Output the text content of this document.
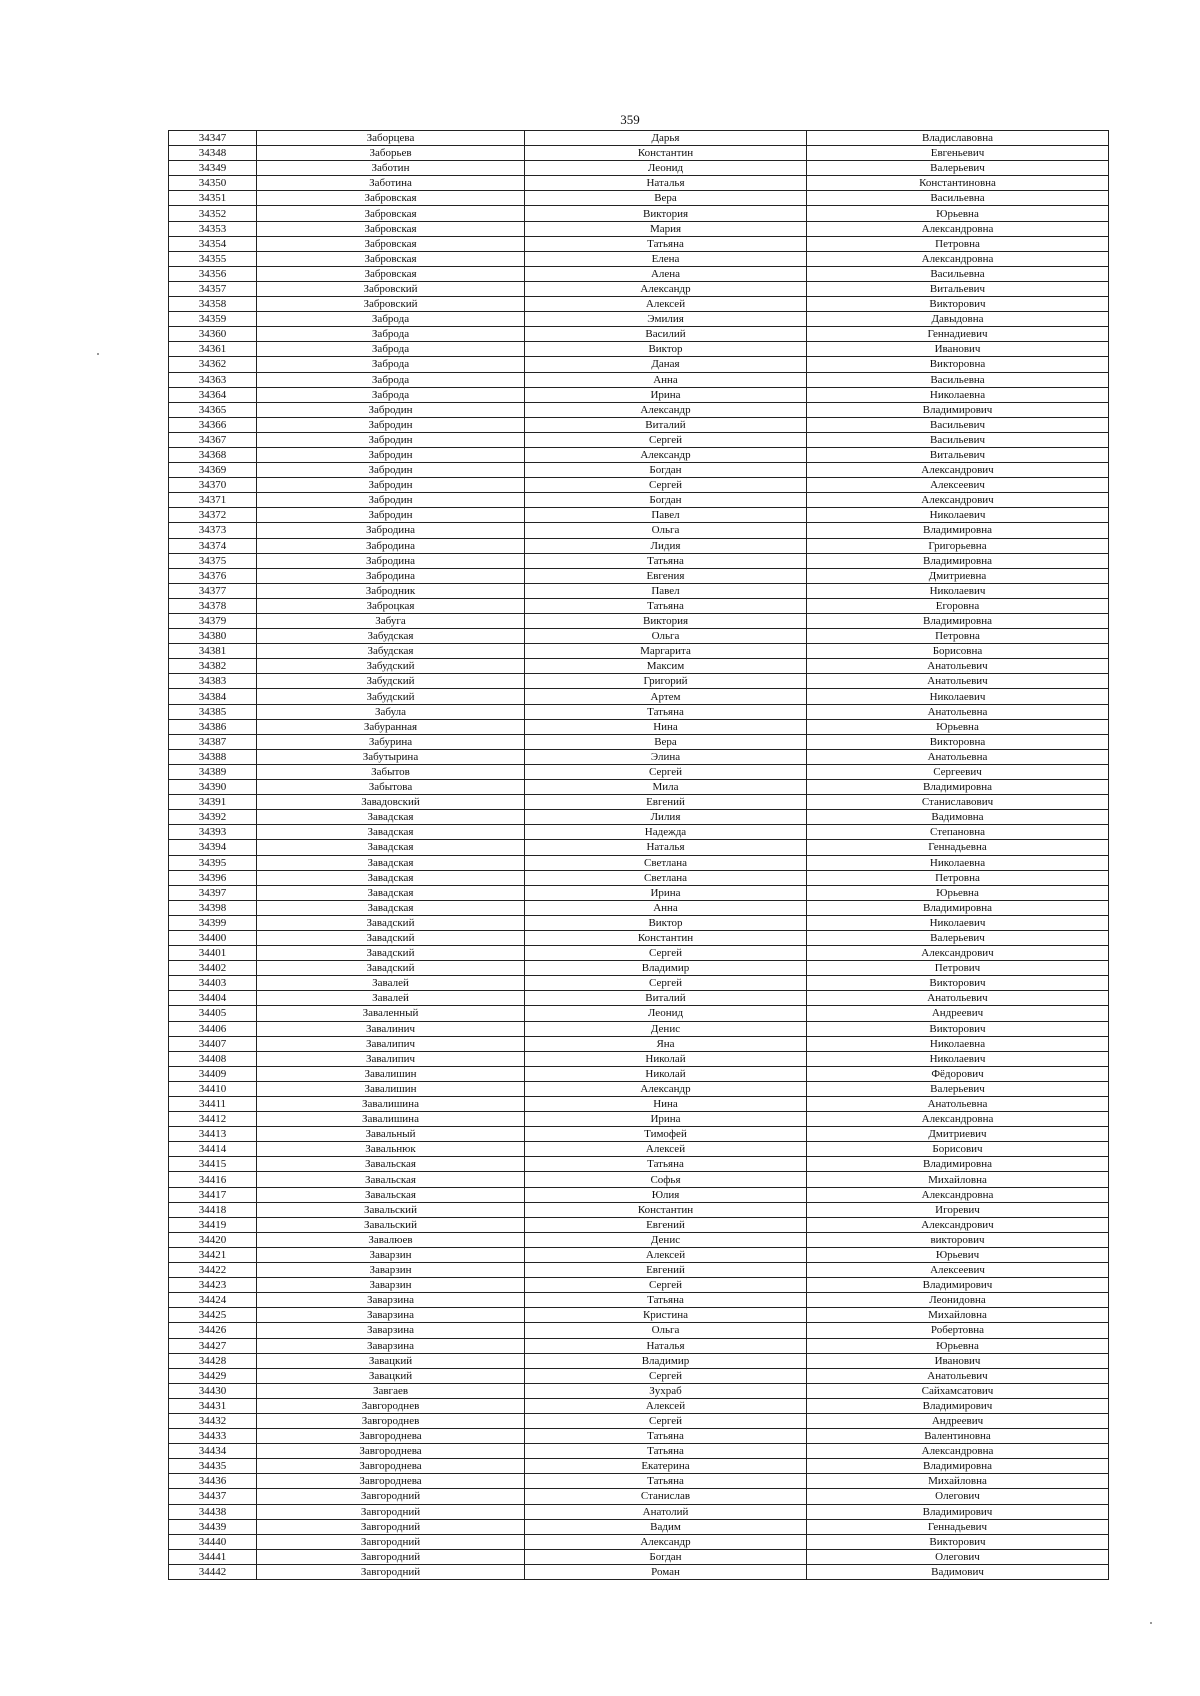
359
34347	Заборцева	Дарья	Владиславовна
34348	Заборьев	Константин	Евгеньевич
34349	Заботин	Леонид	Валерьевич
34350	Заботина	Наталья	Константиновна
34351	Забровская	Вера	Васильевна
34352	Забровская	Виктория	Юрьевна
34353	Забровская	Мария	Александровна
34354	Забровская	Татьяна	Петровна
34355	Забровская	Елена	Александровна
34356	Забровская	Алена	Васильевна
34357	Забровский	Александр	Витальевич
34358	Забровский	Алексей	Викторович
34359	Заброда	Эмилия	Давыдовна
34360	Заброда	Василий	Геннадиевич
34361	Заброда	Виктор	Иванович
34362	Заброда	Даная	Викторовна
34363	Заброда	Анна	Васильевна
34364	Заброда	Ирина	Николаевна
34365	Забродин	Александр	Владимирович
34366	Забродин	Виталий	Васильевич
34367	Забродин	Сергей	Васильевич
34368	Забродин	Александр	Витальевич
34369	Забродин	Богдан	Александрович
34370	Забродин	Сергей	Алексеевич
34371	Забродин	Богдан	Александрович
34372	Забродин	Павел	Николаевич
34373	Забродина	Ольга	Владимировна
34374	Забродина	Лидия	Григорьевна
34375	Забродина	Татьяна	Владимировна
34376	Забродина	Евгения	Дмитриевна
34377	Забродник	Павел	Николаевич
34378	Заброцкая	Татьяна	Егоровна
34379	Забуга	Виктория	Владимировна
34380	Забудская	Ольга	Петровна
34381	Забудская	Маргарита	Борисовна
34382	Забудский	Максим	Анатольевич
34383	Забудский	Григорий	Анатольевич
34384	Забудский	Артем	Николаевич
34385	Забула	Татьяна	Анатольевна
34386	Забуранная	Нина	Юрьевна
34387	Забурина	Вера	Викторовна
34388	Забутырина	Элина	Анатольевна
34389	Забытов	Сергей	Сергеевич
34390	Забытова	Мила	Владимировна
34391	Завадовский	Евгений	Станиславович
34392	Завадская	Лилия	Вадимовна
34393	Завадская	Надежда	Степановна
34394	Завадская	Наталья	Геннадьевна
34395	Завадская	Светлана	Николаевна
34396	Завадская	Светлана	Петровна
34397	Завадская	Ирина	Юрьевна
34398	Завадская	Анна	Владимировна
34399	Завадский	Виктор	Николаевич
34400	Завадский	Константин	Валерьевич
34401	Завадский	Сергей	Александрович
34402	Завадский	Владимир	Петрович
34403	Завалей	Сергей	Викторович
34404	Завалей	Виталий	Анатольевич
34405	Заваленный	Леонид	Андреевич
34406	Завалинич	Денис	Викторович
34407	Завалипич	Яна	Николаевна
34408	Завалипич	Николай	Николаевич
34409	Завалишин	Николай	Фёдорович
34410	Завалишин	Александр	Валерьевич
34411	Завалишина	Нина	Анатольевна
34412	Завалишина	Ирина	Александровна
34413	Завальный	Тимофей	Дмитриевич
34414	Завальнюк	Алексей	Борисович
34415	Завальская	Татьяна	Владимировна
34416	Завальская	Софья	Михайловна
34417	Завальская	Юлия	Александровна
34418	Завальский	Константин	Игоревич
34419	Завальский	Евгений	Александрович
34420	Завалюев	Денис	викторович
34421	Заварзин	Алексей	Юрьевич
34422	Заварзин	Евгений	Алексеевич
34423	Заварзин	Сергей	Владимирович
34424	Заварзина	Татьяна	Леонидовна
34425	Заварзина	Кристина	Михайловна
34426	Заварзина	Ольга	Робертовна
34427	Заварзина	Наталья	Юрьевна
34428	Завацкий	Владимир	Иванович
34429	Завацкий	Сергей	Анатольевич
34430	Завгаев	Зухраб	Сайхамсатович
34431	Завгороднев	Алексей	Владимирович
34432	Завгороднев	Сергей	Андреевич
34433	Завгороднева	Татьяна	Валентиновна
34434	Завгороднева	Татьяна	Александровна
34435	Завгороднева	Екатерина	Владимировна
34436	Завгороднева	Татьяна	Михайловна
34437	Завгородний	Станислав	Олегович
34438	Завгородний	Анатолий	Владимирович
34439	Завгородний	Вадим	Геннадьевич
34440	Завгородний	Александр	Викторович
34441	Завгородний	Богдан	Олегович
34442	Завгородний	Роман	Вадимович
